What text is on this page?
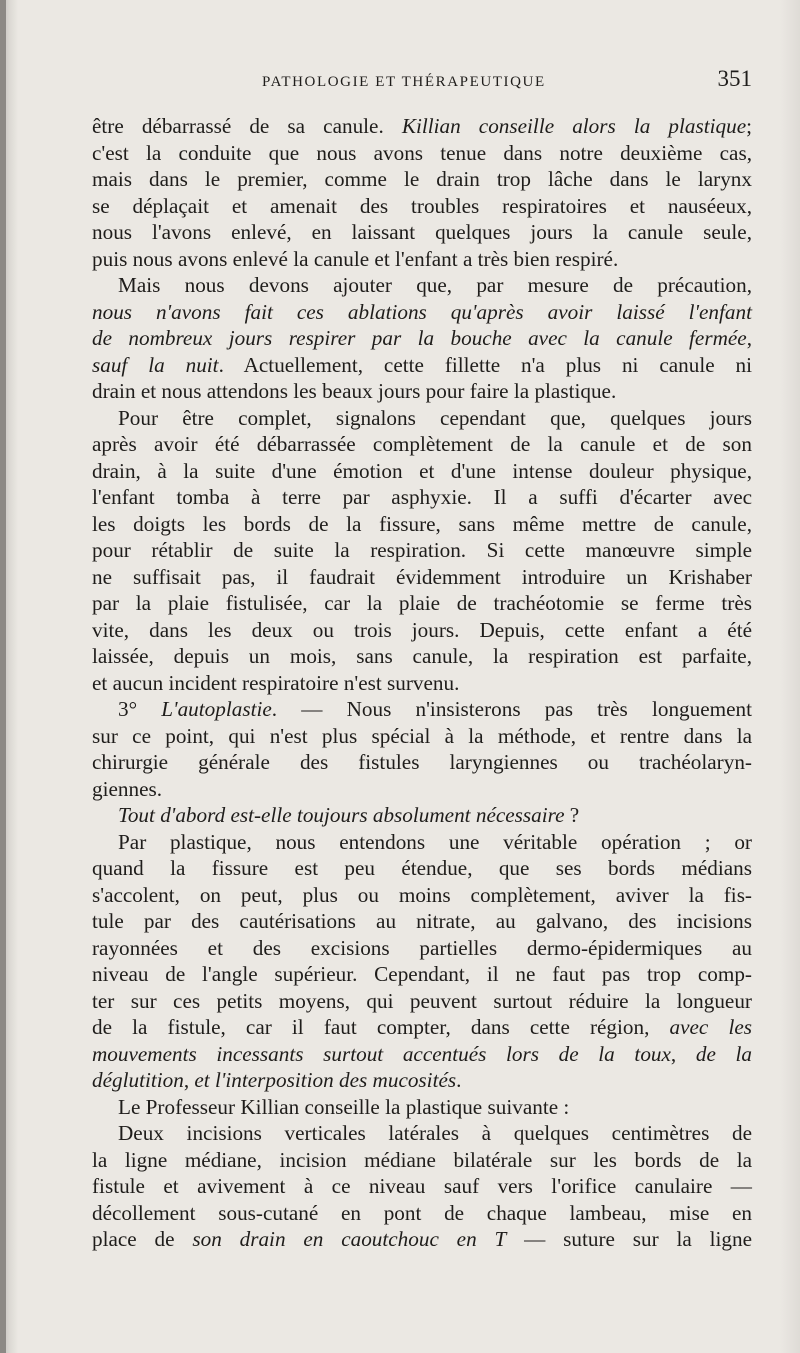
PATHOLOGIE ET THÉRAPEUTIQUE	351
être débarrassé de sa canule. Killian conseille alors la plastique;
c'est la conduite que nous avons tenue dans notre deuxième cas,
mais dans le premier, comme le drain trop lâche dans le larynx
se déplaçait et amenait des troubles respiratoires et nauséeux,
nous l'avons enlevé, en laissant quelques jours la canule seule,
puis nous avons enlevé la canule et l'enfant a très bien respiré.
Mais nous devons ajouter que, par mesure de précaution,
nous n'avons fait ces ablations qu'après avoir laissé l'enfant
de nombreux jours respirer par la bouche avec la canule fermée,
sauf la nuit. Actuellement, cette fillette n'a plus ni canule ni
drain et nous attendons les beaux jours pour faire la plastique.
Pour être complet, signalons cependant que, quelques jours
après avoir été débarrassée complètement de la canule et de son
drain, à la suite d'une émotion et d'une intense douleur physique,
l'enfant tomba à terre par asphyxie. Il a suffi d'écarter avec
les doigts les bords de la fissure, sans même mettre de canule,
pour rétablir de suite la respiration. Si cette manœuvre simple
ne suffisait pas, il faudrait évidemment introduire un Krishaber
par la plaie fistulisée, car la plaie de trachéotomie se ferme très
vite, dans les deux ou trois jours. Depuis, cette enfant a été
laissée, depuis un mois, sans canule, la respiration est parfaite,
et aucun incident respiratoire n'est survenu.
3° L'autoplastie. — Nous n'insisterons pas très longuement
sur ce point, qui n'est plus spécial à la méthode, et rentre dans la
chirurgie générale des fistules laryngiennes ou trachéolaryn-
giennes.
Tout d'abord est-elle toujours absolument nécessaire ?
Par plastique, nous entendons une véritable opération ; or
quand la fissure est peu étendue, que ses bords médians
s'accolent, on peut, plus ou moins complètement, aviver la fis-
tule par des cautérisations au nitrate, au galvano, des incisions
rayonnées et des excisions partielles dermo-épidermiques au
niveau de l'angle supérieur. Cependant, il ne faut pas trop comp-
ter sur ces petits moyens, qui peuvent surtout réduire la longueur
de la fistule, car il faut compter, dans cette région, avec les
mouvements incessants surtout accentués lors de la toux, de la
déglutition, et l'interposition des mucosités.
Le Professeur Killian conseille la plastique suivante :
Deux incisions verticales latérales à quelques centimètres de
la ligne médiane, incision médiane bilatérale sur les bords de la
fistule et avivement à ce niveau sauf vers l'orifice canulaire —
décollement sous-cutané en pont de chaque lambeau, mise en
place de son drain en caoutchouc en T — suture sur la ligne
